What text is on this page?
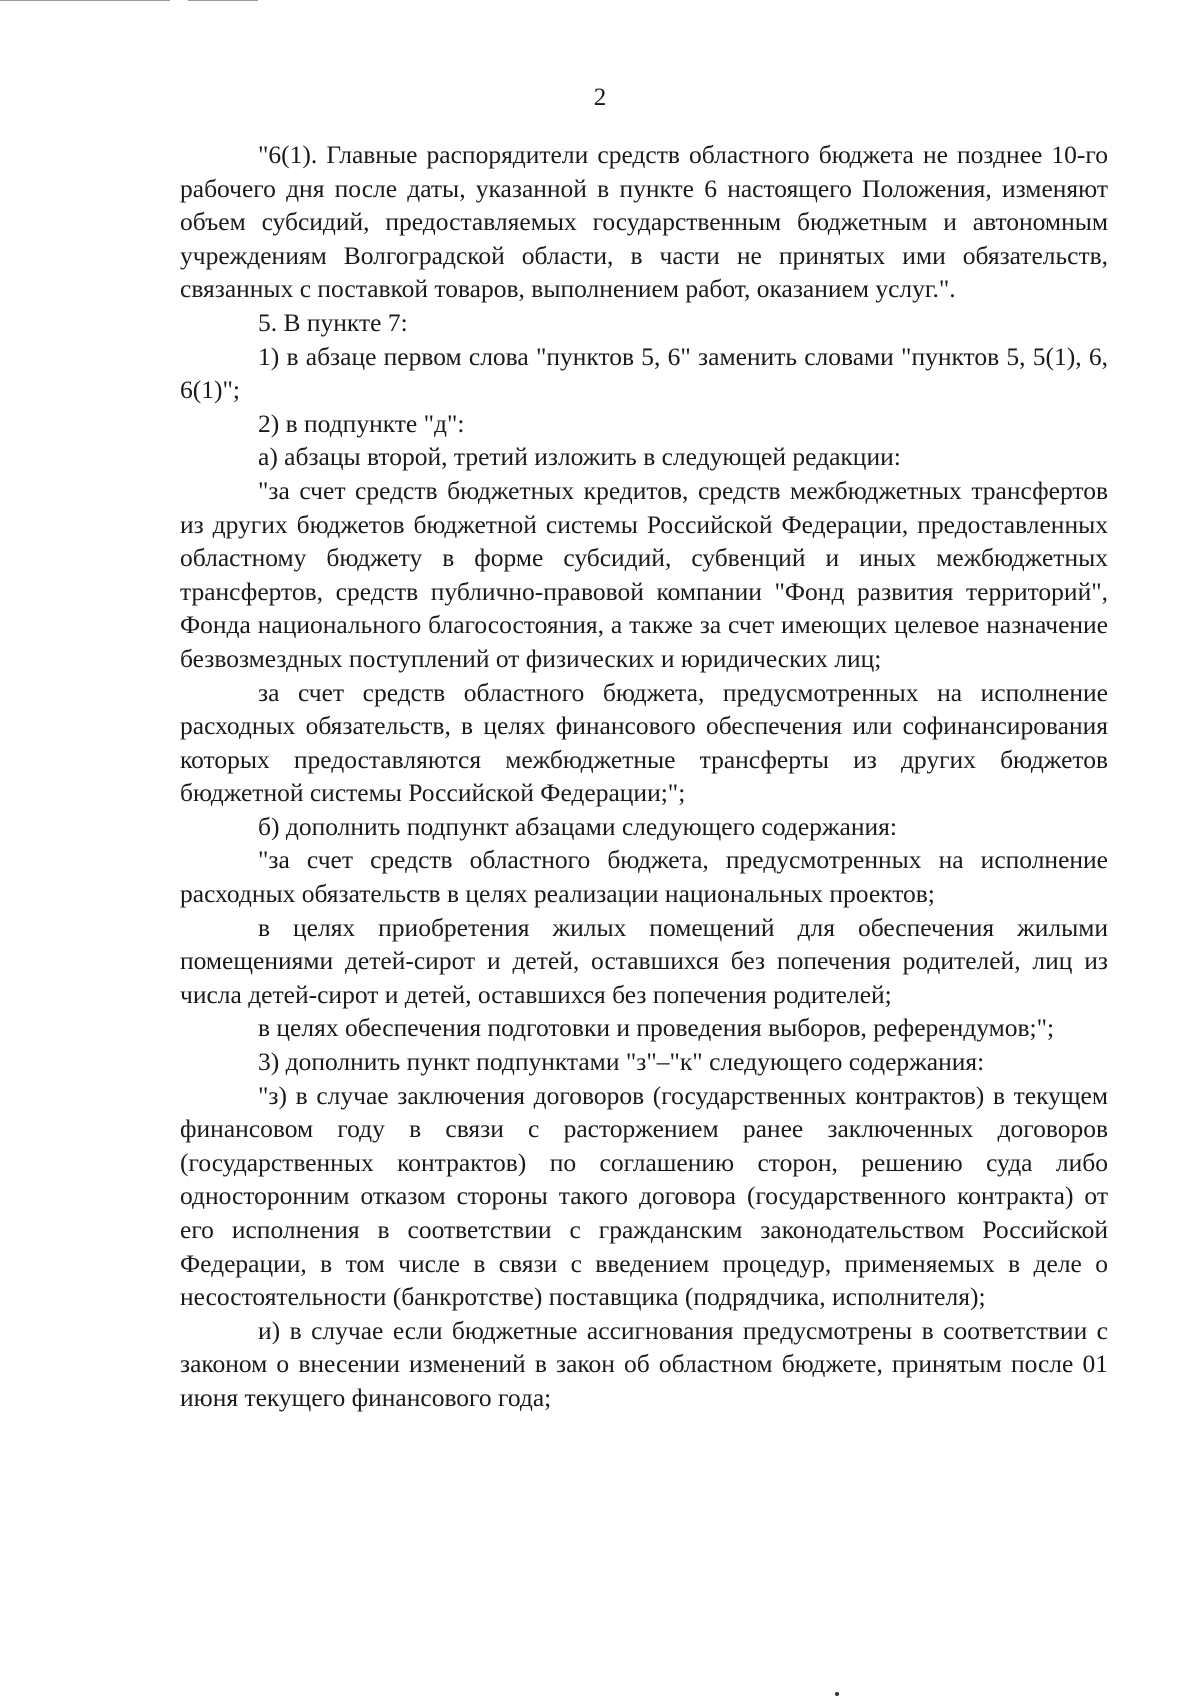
2

"6(1). Главные распорядители средств областного бюджета не позднее 10-го рабочего дня после даты, указанной в пункте 6 настоящего Положения, изменяют объем субсидий, предоставляемых государственным бюджетным и автономным учреждениям Волгоградской области, в части не принятых ими обязательств, связанных с поставкой товаров, выполнением работ, оказанием услуг.".

5. В пункте 7:

1) в абзаце первом слова "пунктов 5, 6" заменить словами "пунктов 5, 5(1), 6, 6(1)";

2) в подпункте "д":

а) абзацы второй, третий изложить в следующей редакции:

"за счет средств бюджетных кредитов, средств межбюджетных трансфертов из других бюджетов бюджетной системы Российской Федерации, предоставленных областному бюджету в форме субсидий, субвенций и иных межбюджетных трансфертов, средств публично-правовой компании "Фонд развития территорий", Фонда национального благосостояния, а также за счет имеющих целевое назначение безвозмездных поступлений от физических и юридических лиц;

за счет средств областного бюджета, предусмотренных на исполнение расходных обязательств, в целях финансового обеспечения или софинансирования которых предоставляются межбюджетные трансферты из других бюджетов бюджетной системы Российской Федерации;";

б) дополнить подпункт абзацами следующего содержания:

"за счет средств областного бюджета, предусмотренных на исполнение расходных обязательств в целях реализации национальных проектов;

в целях приобретения жилых помещений для обеспечения жилыми помещениями детей-сирот и детей, оставшихся без попечения родителей, лиц из числа детей-сирот и детей, оставшихся без попечения родителей;

в целях обеспечения подготовки и проведения выборов, референдумов;";

3) дополнить пункт подпунктами "з"–"к" следующего содержания:

"з) в случае заключения договоров (государственных контрактов) в текущем финансовом году в связи с расторжением ранее заключенных договоров (государственных контрактов) по соглашению сторон, решению суда либо односторонним отказом стороны такого договора (государственного контракта) от его исполнения в соответствии с гражданским законодательством Российской Федерации, в том числе в связи с введением процедур, применяемых в деле о несостоятельности (банкротстве) поставщика (подрядчика, исполнителя);

и) в случае если бюджетные ассигнования предусмотрены в соответствии с законом о внесении изменений в закон об областном бюджете, принятым после 01 июня текущего финансового года;
